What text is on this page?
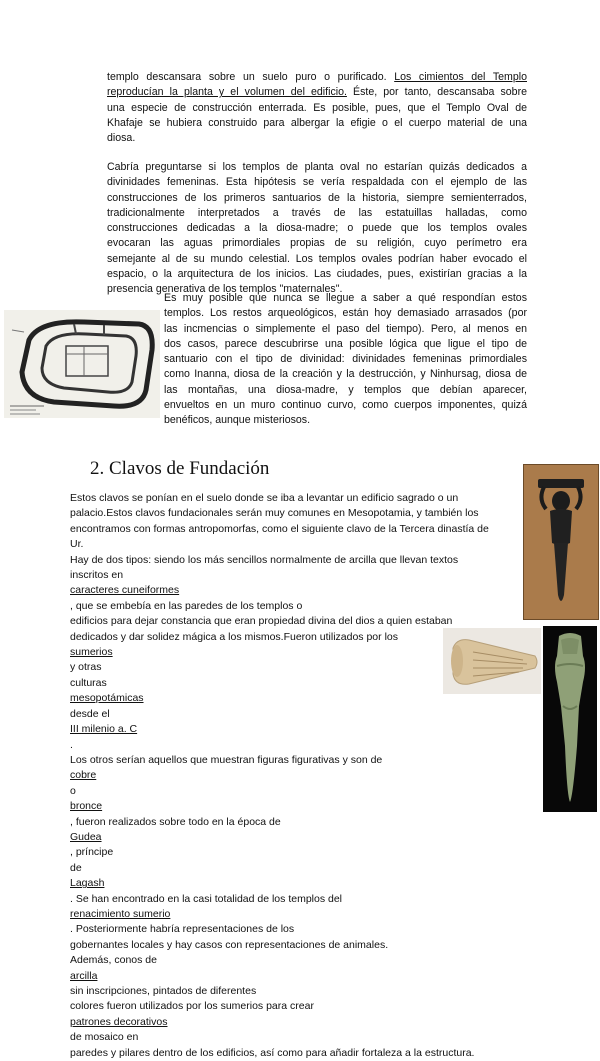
templo descansara sobre un suelo puro o purificado. Los cimientos del Templo
reproducían la planta y el volumen del edificio. Éste, por tanto, descansaba sobre
una especie de construcción enterrada. Es posible, pues, que el Templo Oval de
Khafaje se hubiera construido para albergar la efigie o el cuerpo material de una
diosa.
Cabría preguntarse si los templos de planta oval no estarían quizás dedicados a
divinidades femeninas. Esta hipótesis se vería respaldada con el ejemplo de las
construcciones de los primeros santuarios de la historia, siempre semienterrados,
tradicionalmente interpretados a través de las estatuillas halladas, como
construcciones dedicadas a la diosa-madre; o puede que los templos ovales
evocaran las aguas primordiales propias de su religión, cuyo perímetro era
semejante al de su mundo celestial. Los templos ovales podrían haber evocado el
espacio, o la arquitectura de los inicios. Las ciudades, pues, existirían gracias a la
presencia generativa de los templos "maternales".
Es muy posible que nunca se llegue a saber a qué respondían estos
templos. Los restos arqueológicos, están hoy demasiado arrasados (por
las incmencias o simplemente el paso del tiempo). Pero, al menos en
dos casos, parece descubrirse una posible lógica que ligue el tipo de
santuario con el tipo de divinidad: divinidades femeninas primordiales
como Inanna, diosa de la creación y la destrucción, y Ninhursag, diosa de
las montañas, una diosa-madre, y templos que debían aparecer,
envueltos en un muro continuo curvo, como cuerpos imponentes, quizá
benéficos, aunque misteriosos.
2. Clavos de Fundación
Estos clavos se ponían en el suelo donde se iba a levantar un edificio sagrado o un
palacio.Estos clavos fundacionales serán muy comunes en Mesopotamia, y también los
encontramos con formas antropomorfas, como el siguiente clavo de la Tercera dinastía de
Ur.
Hay de dos tipos: siendo los más sencillos normalmente de arcilla que llevan textos
inscritos en
caracteres cuneiformes
, que se embebía en las paredes de los templos o
edificios para dejar constancia que eran propiedad divina del dios a quien estaban
dedicados y dar solidez mágica a los mismos.Fueron utilizados por los
sumerios
y otras
culturas
mesopotámicas
desde el
III milenio a. C
.
Los otros serían aquellos que muestran figuras figurativas y son de
cobre
o
bronce
, fueron realizados sobre todo en la época de
Gudea
, príncipe
de
Lagash
. Se han encontrado en la casi totalidad de los templos del
renacimiento sumerio
. Posteriormente habría representaciones de los
gobernantes locales y hay casos con representaciones de animales.
Además, conos de
arcilla
sin inscripciones, pintados de diferentes
colores fueron utilizados por los sumerios para crear
patrones decorativos
de mosaico en
paredes y pilares dentro de los edificios, así como para añadir fortaleza a la estructura.
